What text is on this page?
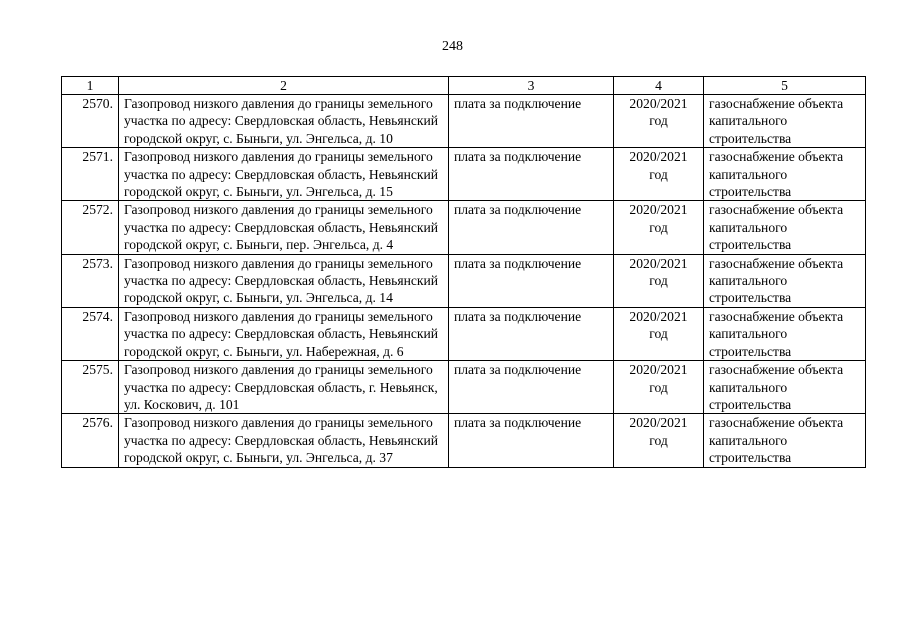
248
1	2	3	4	5
2570.	Газопровод низкого давления до границы земельного участка по адресу: Свердловская область, Невьянский городской округ, с. Быньги, ул. Энгельса, д. 10	плата за подключение	2020/2021 год	газоснабжение объекта капитального строительства
2571.	Газопровод низкого давления до границы земельного участка по адресу: Свердловская область, Невьянский городской округ, с. Быньги, ул. Энгельса, д. 15	плата за подключение	2020/2021 год	газоснабжение объекта капитального строительства
2572.	Газопровод низкого давления до границы земельного участка по адресу: Свердловская область, Невьянский городской округ, с. Быньги, пер. Энгельса, д. 4	плата за подключение	2020/2021 год	газоснабжение объекта капитального строительства
2573.	Газопровод низкого давления до границы земельного участка по адресу: Свердловская область, Невьянский городской округ, с. Быньги, ул. Энгельса, д. 14	плата за подключение	2020/2021 год	газоснабжение объекта капитального строительства
2574.	Газопровод низкого давления до границы земельного участка по адресу: Свердловская область, Невьянский городской округ, с. Быньги, ул. Набережная, д. 6	плата за подключение	2020/2021 год	газоснабжение объекта капитального строительства
2575.	Газопровод низкого давления до границы земельного участка по адресу: Свердловская область, г. Невьянск, ул. Коскович, д. 101	плата за подключение	2020/2021 год	газоснабжение объекта капитального строительства
2576.	Газопровод низкого давления до границы земельного участка по адресу: Свердловская область, Невьянский городской округ, с. Быньги, ул. Энгельса, д. 37	плата за подключение	2020/2021 год	газоснабжение объекта капитального строительства
